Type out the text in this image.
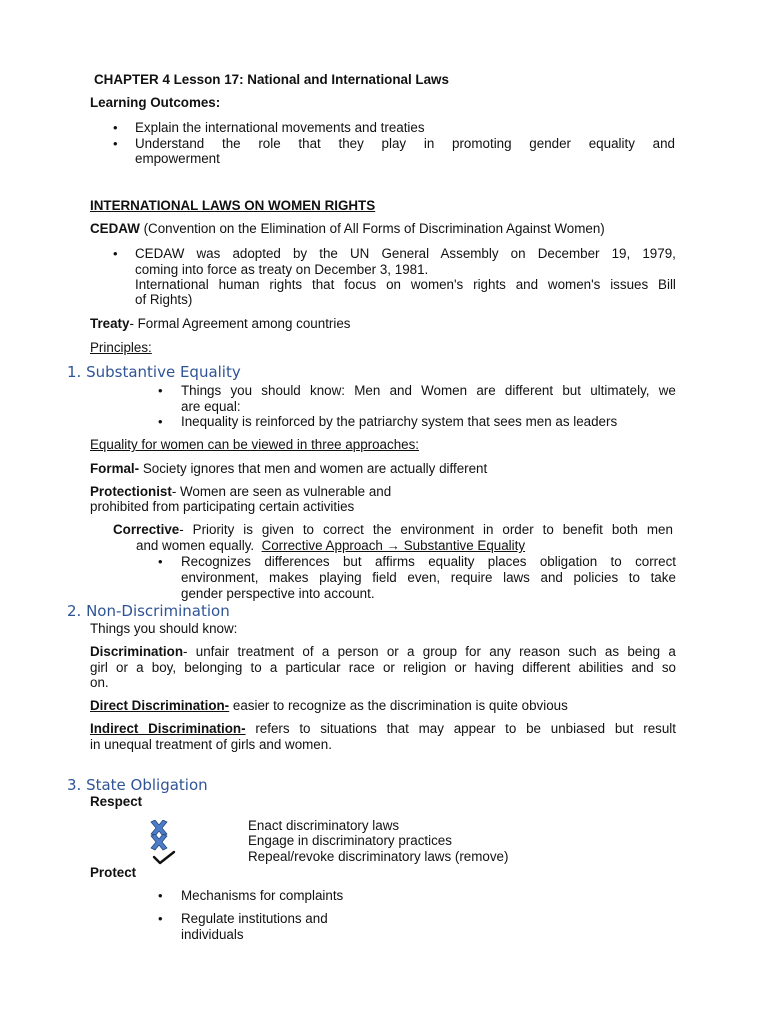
CHAPTER 4 Lesson 17: National and International Laws
Learning Outcomes:
• Explain the international movements and treaties
• Understand the role that they play in promoting gender equality and
empowerment
INTERNATIONAL LAWS ON WOMEN RIGHTS
CEDAW (Convention on the Elimination of All Forms of Discrimination Against Women)
• CEDAW was adopted by the UN General Assembly on December 19, 1979,
coming into force as treaty on December 3, 1981.
International human rights that focus on women's rights and women's issues Bill
of Rights)
Treaty- Formal Agreement among countries
Principles:
1. Substantive Equality
• Things you should know: Men and Women are different but ultimately, we
are equal:
• Inequality is reinforced by the patriarchy system that sees men as leaders
Equality for women can be viewed in three approaches:
Formal- Society ignores that men and women are actually different
Protectionist- Women are seen as vulnerable and
prohibited from participating certain activities
Corrective- Priority is given to correct the environment in order to benefit both men
and women equally. Corrective Approach → Substantive Equality
• Recognizes differences but affirms equality places obligation to correct
environment, makes playing field even, require laws and policies to take
gender perspective into account.
2. Non-Discrimination
Things you should know:
Discrimination- unfair treatment of a person or a group for any reason such as being a
girl or a boy, belonging to a particular race or religion or having different abilities and so
on.
Direct Discrimination- easier to recognize as the discrimination is quite obvious
Indirect Discrimination- refers to situations that may appear to be unbiased but result
in unequal treatment of girls and women.
3. State Obligation
Respect
Enact discriminatory laws
Engage in discriminatory practices
Repeal/revoke discriminatory laws (remove)
Protect
• Mechanisms for complaints
• Regulate institutions and
individuals
